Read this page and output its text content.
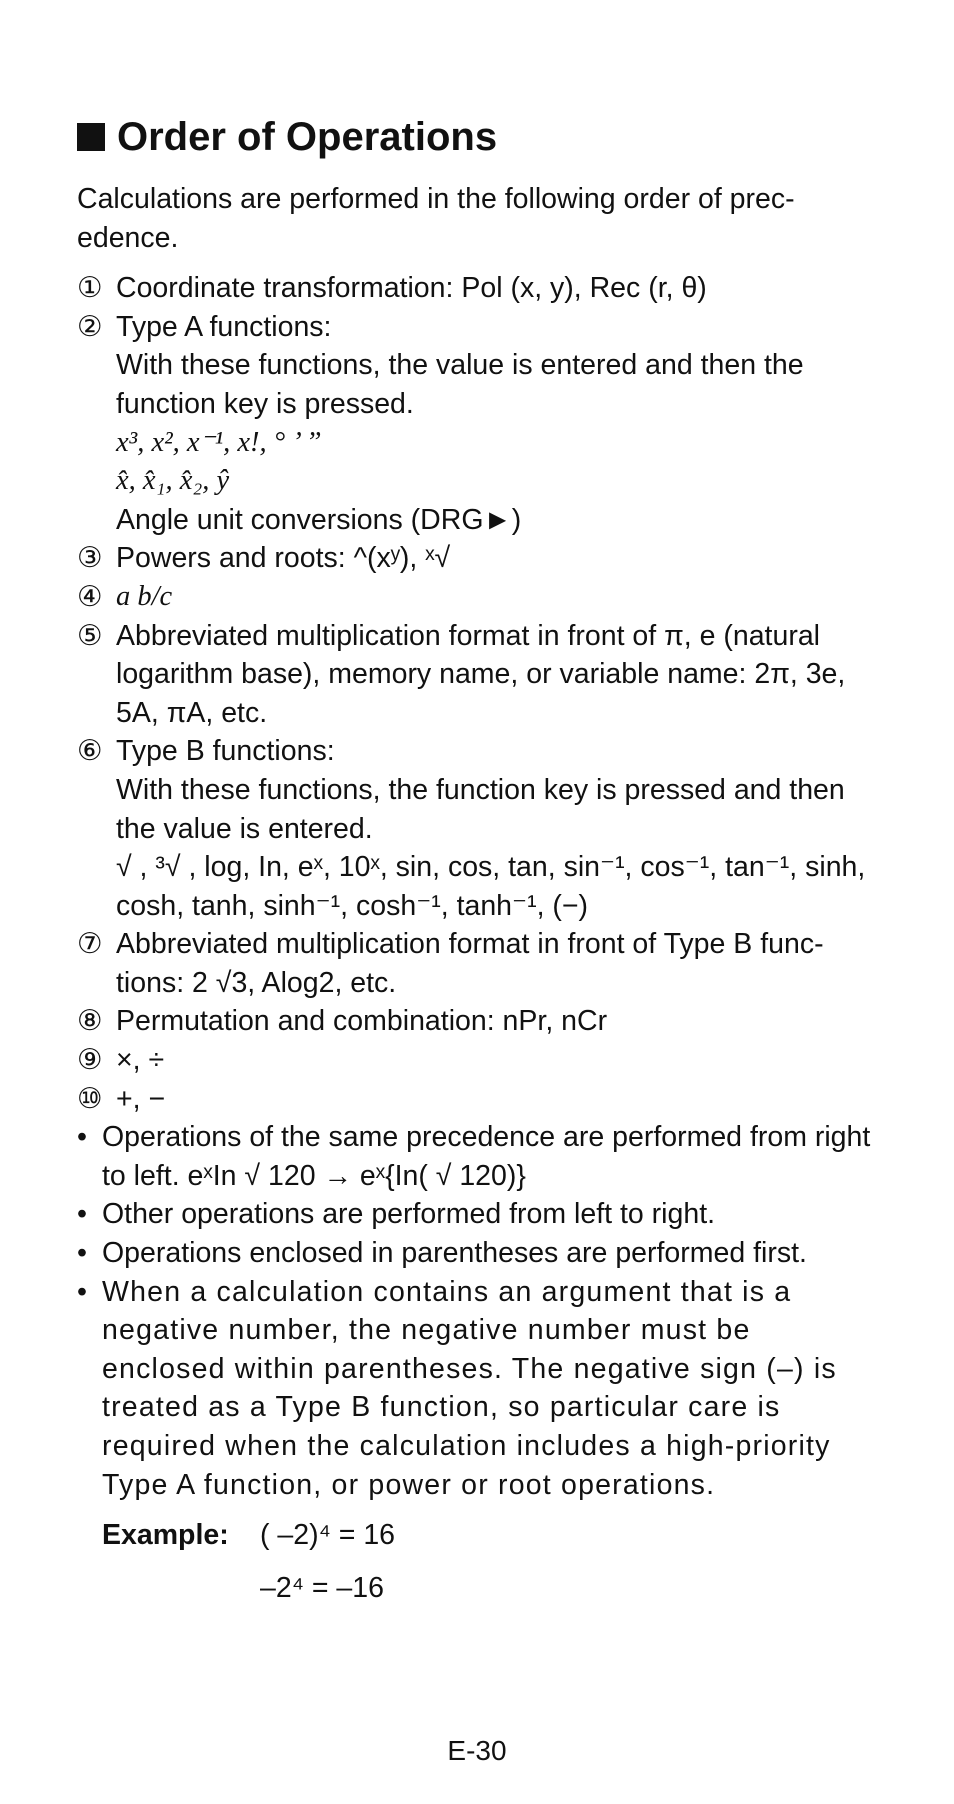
Order of Operations

Calculations are performed in the following order of prec-edence.

① Coordinate transformation: Pol (x, y), Rec (r, θ)
② Type A functions:

With these functions, the value is entered and then the function key is pressed.

x³, x², x⁻¹, x!, ° ’ ”

x̂, x̂₁, x̂₂, ŷ

Angle unit conversions (DRG►)

③ Powers and roots: ^(xʸ), ˣ√
④ a b/c
⑤ Abbreviated multiplication format in front of π, e (natural logarithm base), memory name, or variable name: 2π, 3e, 5A, πA, etc.
⑥ Type B functions:

With these functions, the function key is pressed and then the value is entered.

√ , ³√ , log, In, eˣ, 10ˣ, sin, cos, tan, sin⁻¹, cos⁻¹, tan⁻¹, sinh, cosh, tanh, sinh⁻¹, cosh⁻¹, tanh⁻¹, (−)

⑦ Abbreviated multiplication format in front of Type B func-tions: 2 √3, Alog2, etc.
⑧ Permutation and combination: nPr, nCr
⑨ ×, ÷
⑩ +, −
• Operations of the same precedence are performed from right to left. eˣIn √ 120 → eˣ{In( √ 120)}
• Other operations are performed from left to right.
• Operations enclosed in parentheses are performed first.
• When a calculation contains an argument that is a negative number, the negative number must be enclosed within parentheses. The negative sign (–) is treated as a Type B function, so particular care is required when the calculation includes a high-priority Type A function, or power or root operations.
Example:	( –2)⁴ = 16
–2⁴ = –16
E-30
